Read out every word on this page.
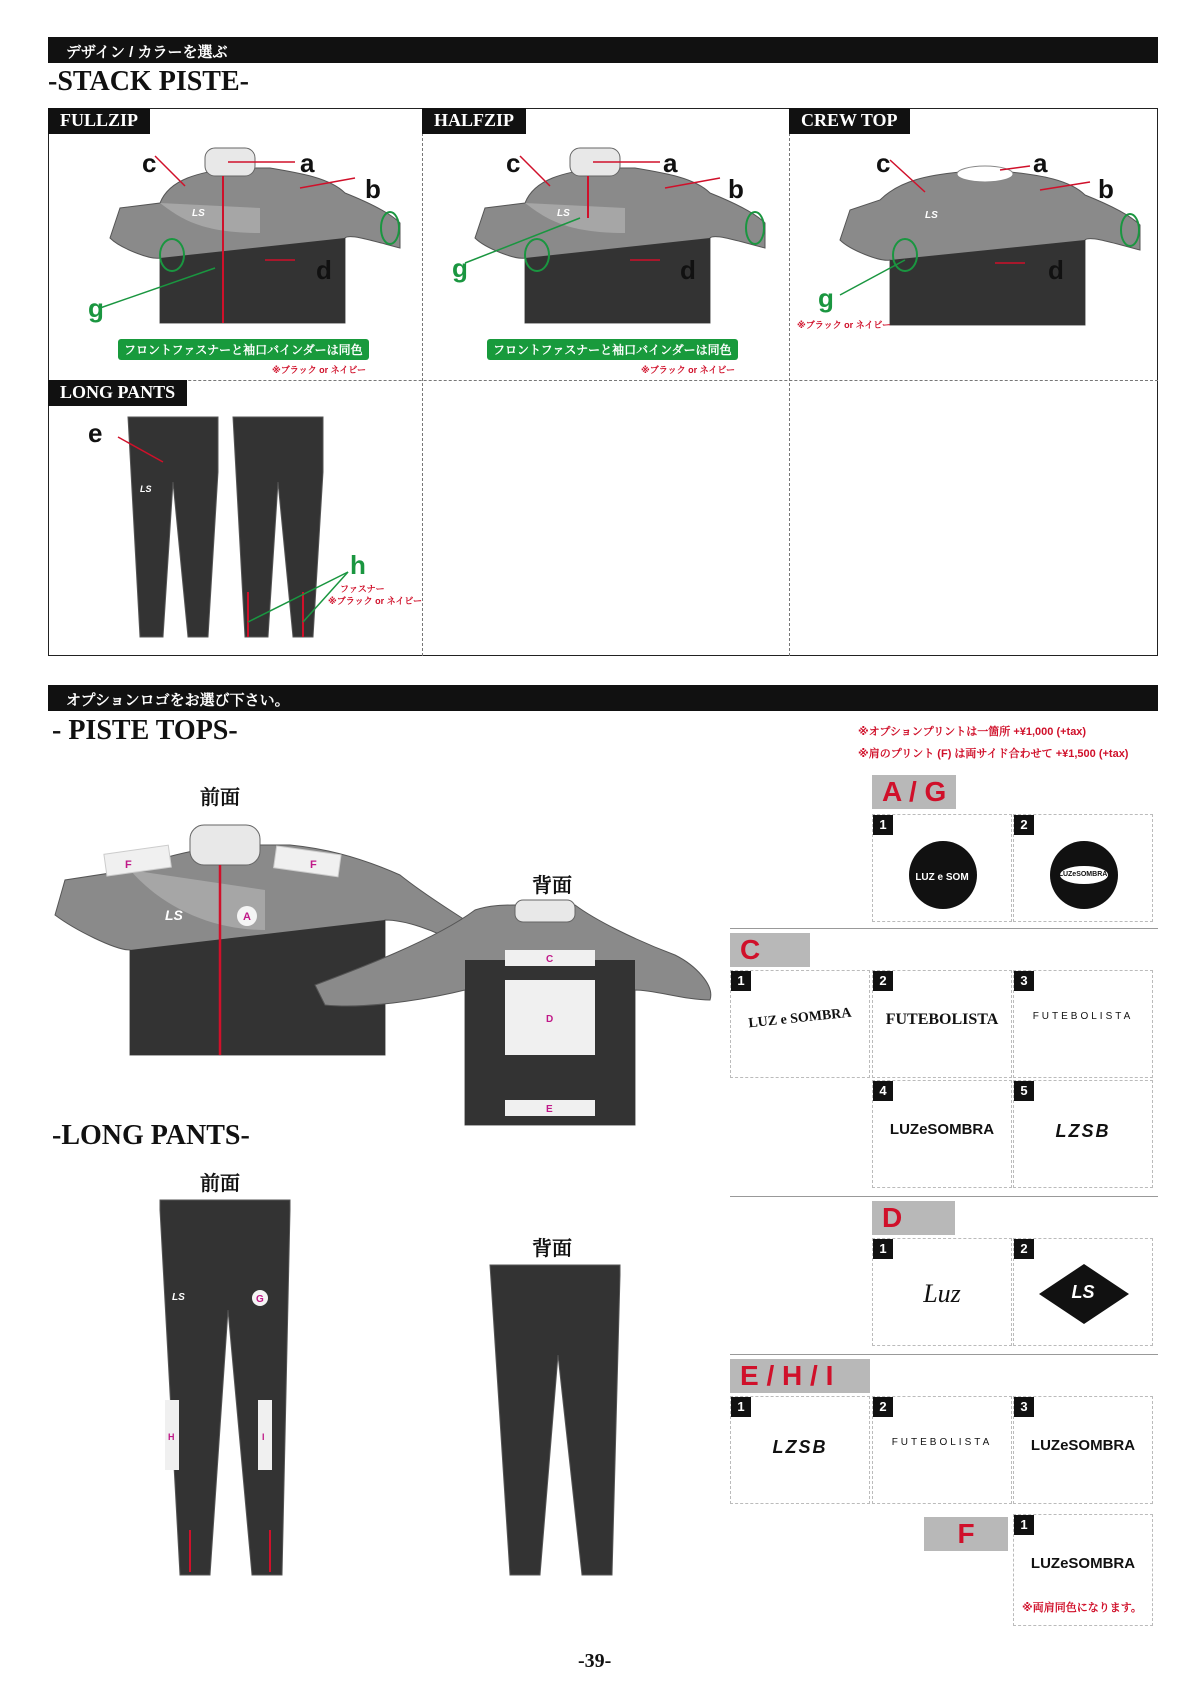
デザイン / カラーを選ぶ
-STACK PISTE-
FULLZIP	HALFZIP	CREW TOP
LONG PANTS
LS
a
b
c
d
g
フロントファスナーと袖口バインダーは同色
※ブラック or ネイビー
LS
a
b
c
d
g
フロントファスナーと袖口バインダーは同色
※ブラック or ネイビー
LS
a
b
c
d
g
※ブラック or ネイビー
LS
e
h
ファスナー
※ブラック or ネイビー
オプションロゴをお選び下さい。
- PISTE TOPS-	※オプションプリントは一箇所 +¥1,000 (+tax)
※肩のプリント (F) は両サイド合わせて +¥1,500 (+tax)
前面
背面
F	F
LS	A
C
D
E
-LONG PANTS-
前面
背面
H	I
LS	G
A / G
1
LUZ e SOM
2
LUZeSOMBRA
C
1
LUZ e SOMBRA
2
FUTEBOLISTA
3
FUTEBOLISTA
4
LUZeSOMBRA
5
LZSB
D
1
Luz
2
LS
E / H / I
1
LZSB
2
FUTEBOLISTA
3
LUZeSOMBRA
F	1
LUZeSOMBRA
※両肩同色になります。
-39-
